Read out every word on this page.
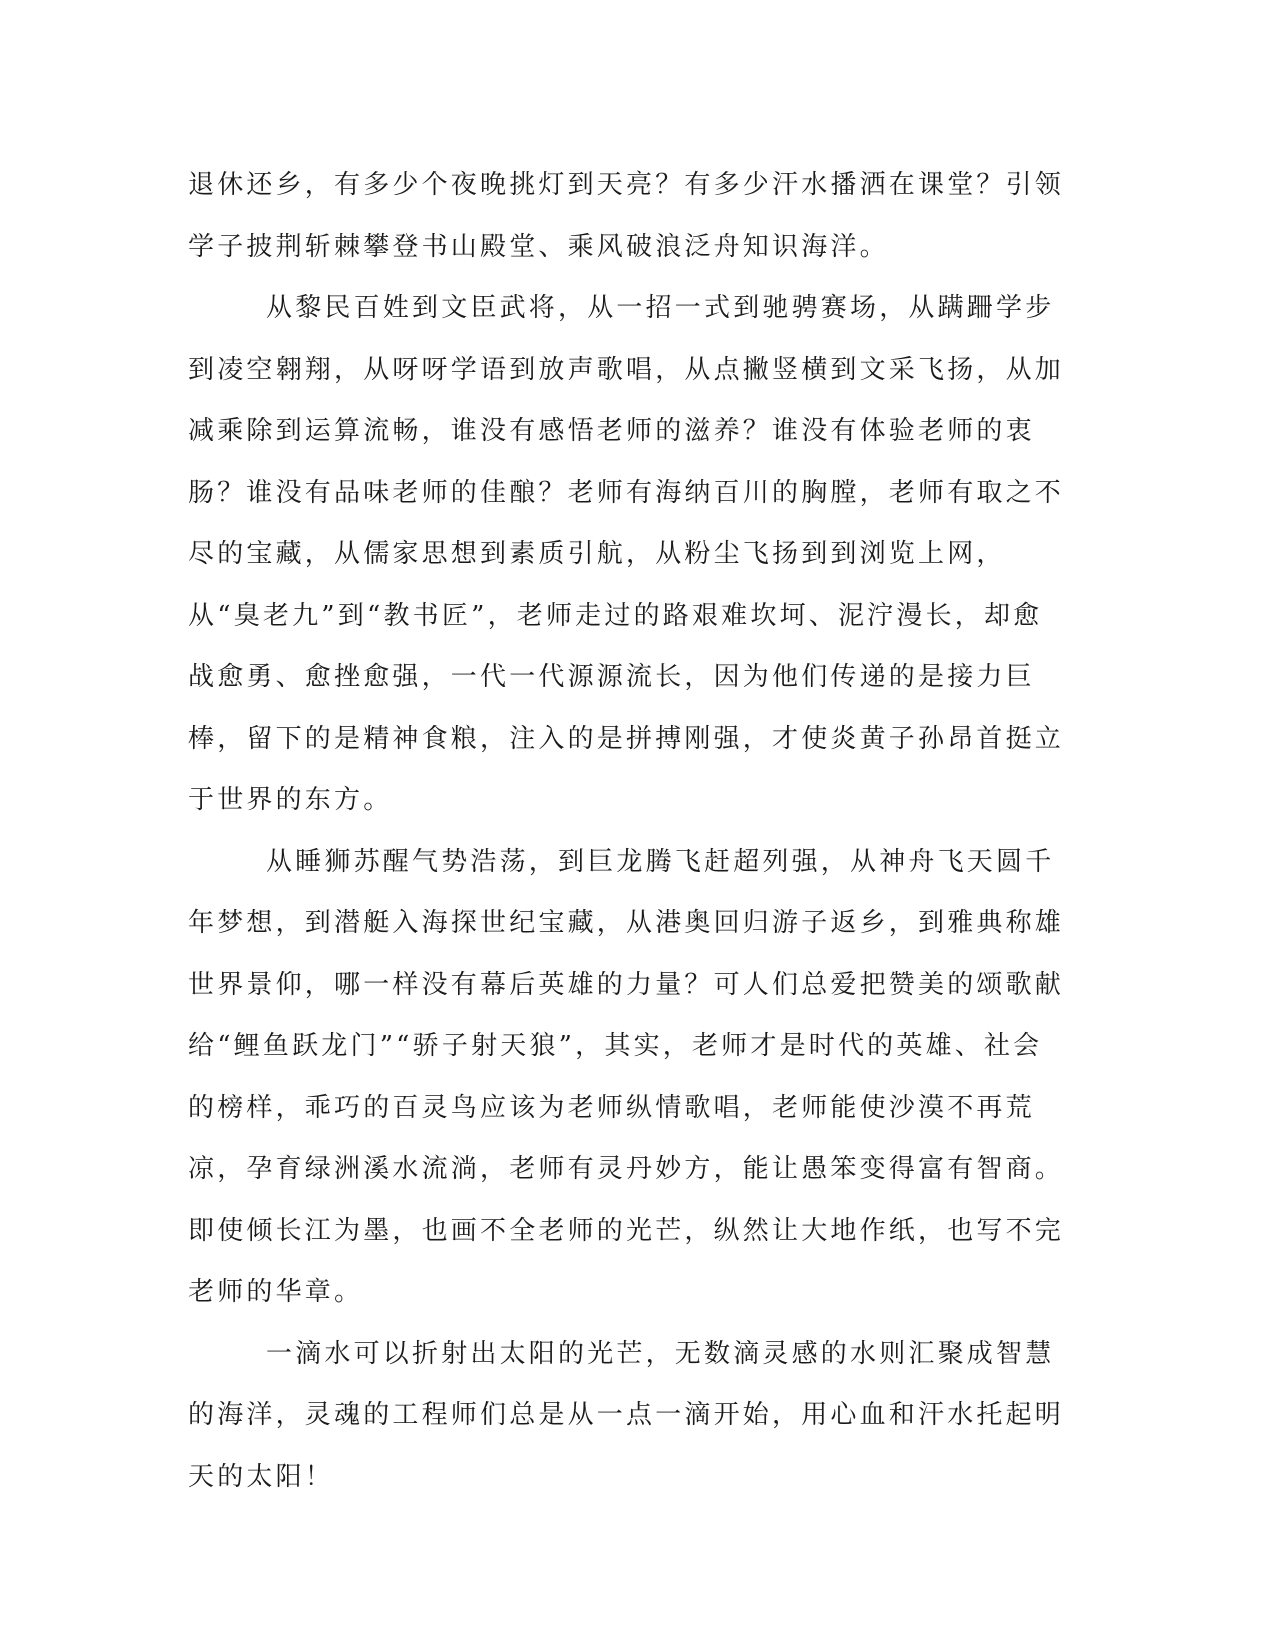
退休还乡，有多少个夜晚挑灯到天亮？有多少汗水播洒在课堂？引领学子披荆斩棘攀登书山殿堂、乘风破浪泛舟知识海洋。

从黎民百姓到文臣武将，从一招一式到驰骋赛场，从蹒跚学步到凌空翱翔，从呀呀学语到放声歌唱，从点撇竖横到文采飞扬，从加减乘除到运算流畅，谁没有感悟老师的滋养？谁没有体验老师的衷肠？谁没有品味老师的佳酿？老师有海纳百川的胸膛，老师有取之不尽的宝藏，从儒家思想到素质引航，从粉尘飞扬到到浏览上网，从“臭老九”到“教书匠”，老师走过的路艰难坎坷、泥泞漫长，却愈战愈勇、愈挫愈强，一代一代源源流长，因为他们传递的是接力巨棒，留下的是精神食粮，注入的是拼搏刚强，才使炎黄子孙昂首挺立于世界的东方。

从睡狮苏醒气势浩荡，到巨龙腾飞赶超列强，从神舟飞天圆千年梦想，到潜艇入海探世纪宝藏，从港奥回归游子返乡，到雅典称雄世界景仰，哪一样没有幕后英雄的力量？可人们总爱把赞美的颂歌献给“鲤鱼跃龙门”“骄子射天狼”，其实，老师才是时代的英雄、社会的榜样，乖巧的百灵鸟应该为老师纵情歌唱，老师能使沙漠不再荒凉，孕育绿洲溪水流淌，老师有灵丹妙方，能让愚笨变得富有智商。即使倾长江为墨，也画不全老师的光芒，纵然让大地作纸，也写不完老师的华章。

一滴水可以折射出太阳的光芒，无数滴灵感的水则汇聚成智慧的海洋，灵魂的工程师们总是从一点一滴开始，用心血和汗水托起明天的太阳！
